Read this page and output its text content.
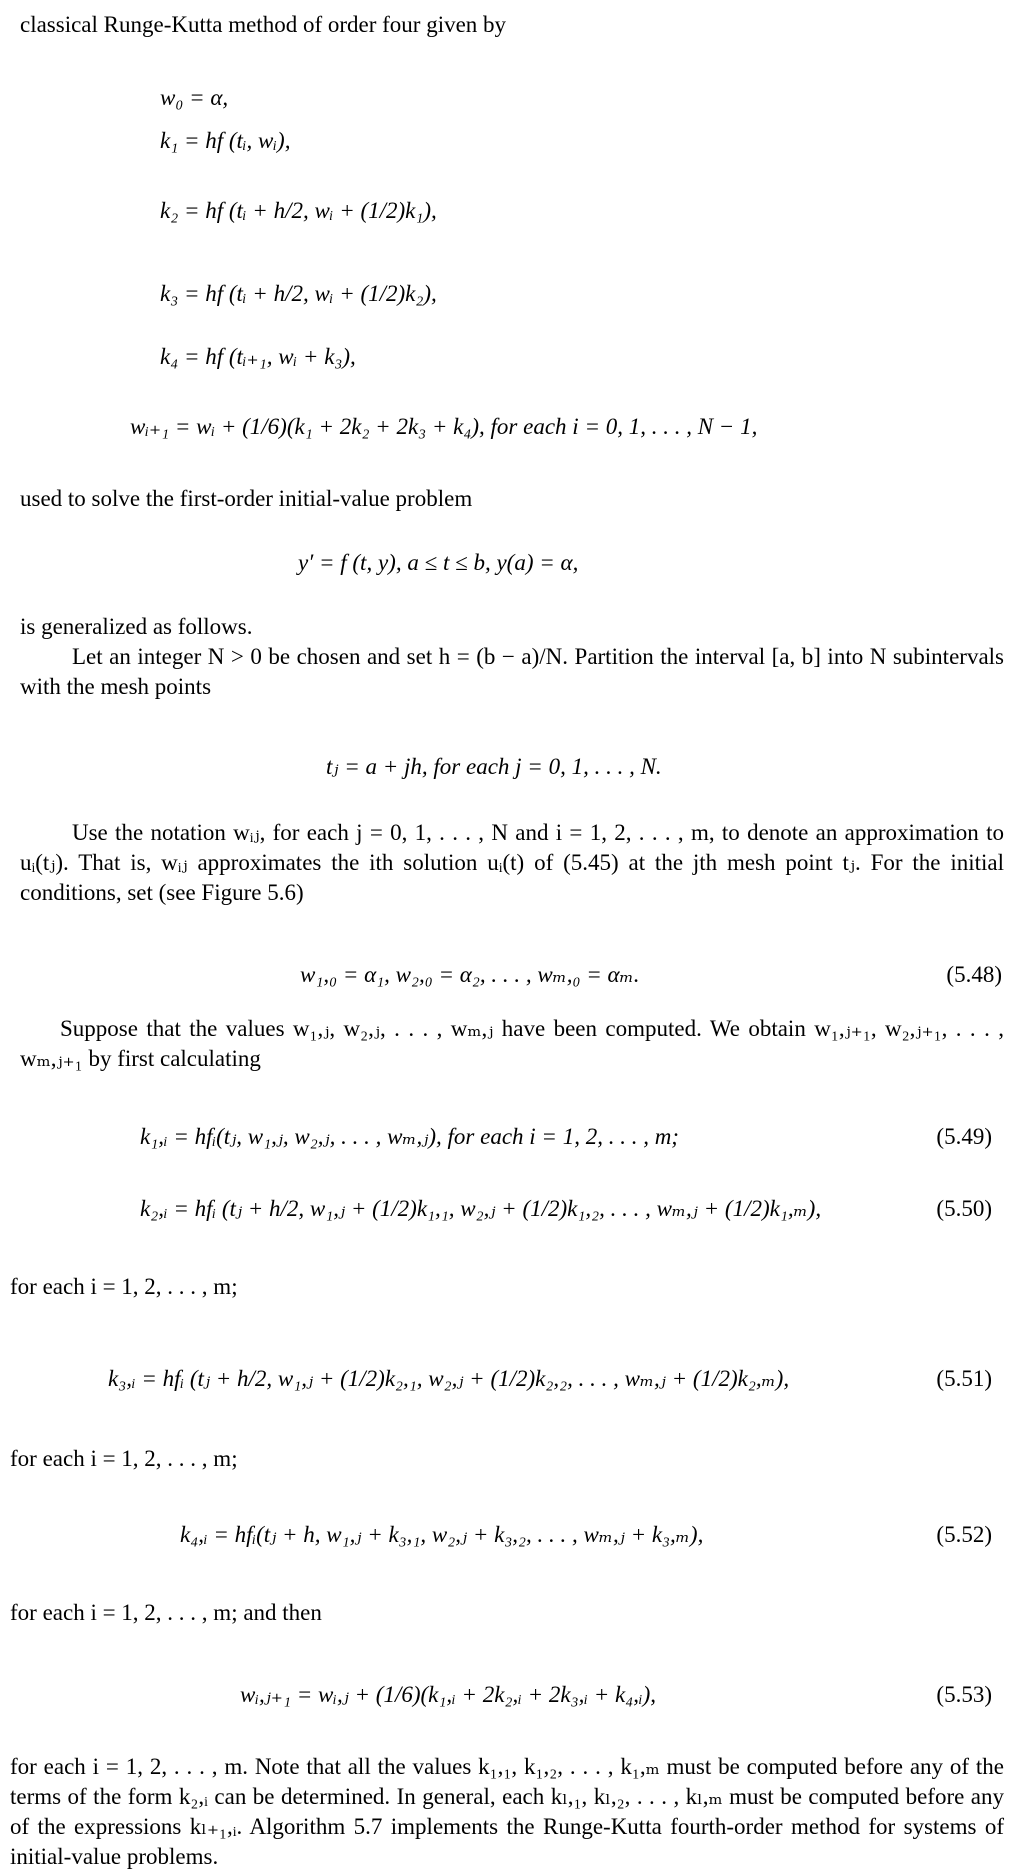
classical Runge-Kutta method of order four given by
w₀ = α,
k₁ = hf (tᵢ, wᵢ),
k₂ = hf (tᵢ + h/2, wᵢ + (1/2)k₁),
k₃ = hf (tᵢ + h/2, wᵢ + (1/2)k₂),
k₄ = hf (tᵢ₊₁, wᵢ + k₃),
wᵢ₊₁ = wᵢ + (1/6)(k₁ + 2k₂ + 2k₃ + k₄), for each i = 0, 1, . . . , N − 1,
used to solve the first-order initial-value problem
y′ = f (t, y), a ≤ t ≤ b, y(a) = α,
is generalized as follows.
Let an integer N > 0 be chosen and set h = (b − a)/N. Partition the interval [a, b] into N subintervals with the mesh points
tⱼ = a + jh, for each j = 0, 1, . . . , N.
Use the notation wᵢⱼ, for each j = 0, 1, . . . , N and i = 1, 2, . . . , m, to denote an approximation to uᵢ(tⱼ). That is, wᵢⱼ approximates the ith solution uᵢ(t) of (5.45) at the jth mesh point tⱼ. For the initial conditions, set (see Figure 5.6)
w₁,₀ = α₁, w₂,₀ = α₂, . . . , wₘ,₀ = αₘ.	(5.48)
Suppose that the values w₁,ⱼ, w₂,ⱼ, . . . , wₘ,ⱼ have been computed. We obtain w₁,ⱼ₊₁, w₂,ⱼ₊₁, . . . , wₘ,ⱼ₊₁ by first calculating
k₁,ᵢ = hfᵢ(tⱼ, w₁,ⱼ, w₂,ⱼ, . . . , wₘ,ⱼ), for each i = 1, 2, . . . , m;	(5.49)
k₂,ᵢ = hfᵢ (tⱼ + h/2, w₁,ⱼ + (1/2)k₁,₁, w₂,ⱼ + (1/2)k₁,₂, . . . , wₘ,ⱼ + (1/2)k₁,ₘ),	(5.50)
for each i = 1, 2, . . . , m;
k₃,ᵢ = hfᵢ (tⱼ + h/2, w₁,ⱼ + (1/2)k₂,₁, w₂,ⱼ + (1/2)k₂,₂, . . . , wₘ,ⱼ + (1/2)k₂,ₘ),	(5.51)
for each i = 1, 2, . . . , m;
k₄,ᵢ = hfᵢ(tⱼ + h, w₁,ⱼ + k₃,₁, w₂,ⱼ + k₃,₂, . . . , wₘ,ⱼ + k₃,ₘ),	(5.52)
for each i = 1, 2, . . . , m; and then
wᵢ,ⱼ₊₁ = wᵢ,ⱼ + (1/6)(k₁,ᵢ + 2k₂,ᵢ + 2k₃,ᵢ + k₄,ᵢ),	(5.53)
for each i = 1, 2, . . . , m. Note that all the values k₁,₁, k₁,₂, . . . , k₁,ₘ must be computed before any of the terms of the form k₂,ᵢ can be determined. In general, each kₗ,₁, kₗ,₂, . . . , kₗ,ₘ must be computed before any of the expressions kₗ₊₁,ᵢ. Algorithm 5.7 implements the Runge-Kutta fourth-order method for systems of initial-value problems.
